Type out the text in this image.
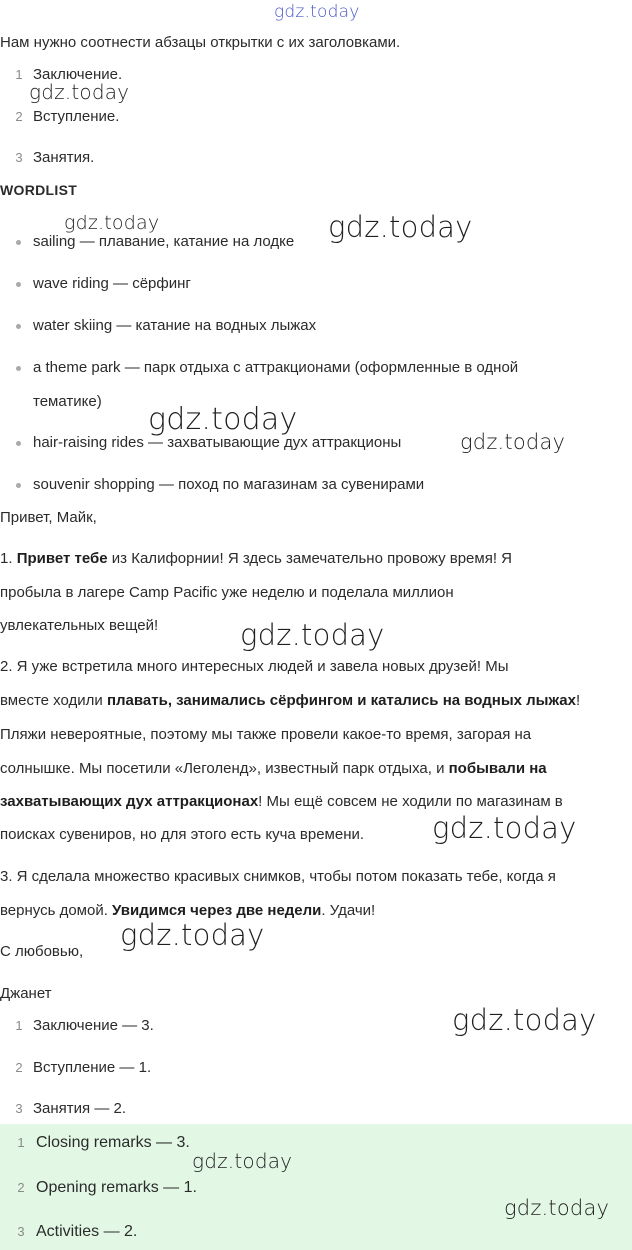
gdz.today
gdz.today
gdz.today	gdz.today
gdz.today
gdz.today
gdz.today
gdz.today
gdz.today
gdz.today
Нам нужно соотнести абзацы открытки с их заголовками.
1 Заключение.
2 Вступление.
3 Занятия.
WORDLIST
sailing — плавание, катание на лодке
wave riding — сёрфинг
water skiing — катание на водных лыжах
a theme park — парк отдыха с аттракционами (оформленные в одной
тематике)
hair-raising rides — захватывающие дух аттракционы
souvenir shopping — поход по магазинам за сувенирами
Привет, Майк,
1. Привет тебе из Калифорнии! Я здесь замечательно провожу время! Я
пробыла в лагере Camp Pacific уже неделю и поделала миллион
увлекательных вещей!
2. Я уже встретила много интересных людей и завела новых друзей! Мы
вместе ходили плавать, занимались сёрфингом и катались на водных лыжах!
Пляжи невероятные, поэтому мы также провели какое-то время, загорая на
солнышке. Мы посетили «Леголенд», известный парк отдыха, и побывали на
захватывающих дух аттракционах! Мы ещё совсем не ходили по магазинам в
поисках сувениров, но для этого есть куча времени.
3. Я сделала множество красивых снимков, чтобы потом показать тебе, когда я
вернусь домой. Увидимся через две недели. Удачи!
С любовью,
Джанет
1 Заключение — 3.
2 Вступление — 1.
3 Занятия — 2.
1 Closing remarks — 3.
2 Opening remarks — 1.
3 Activities — 2.
gdz.today
gdz.today
